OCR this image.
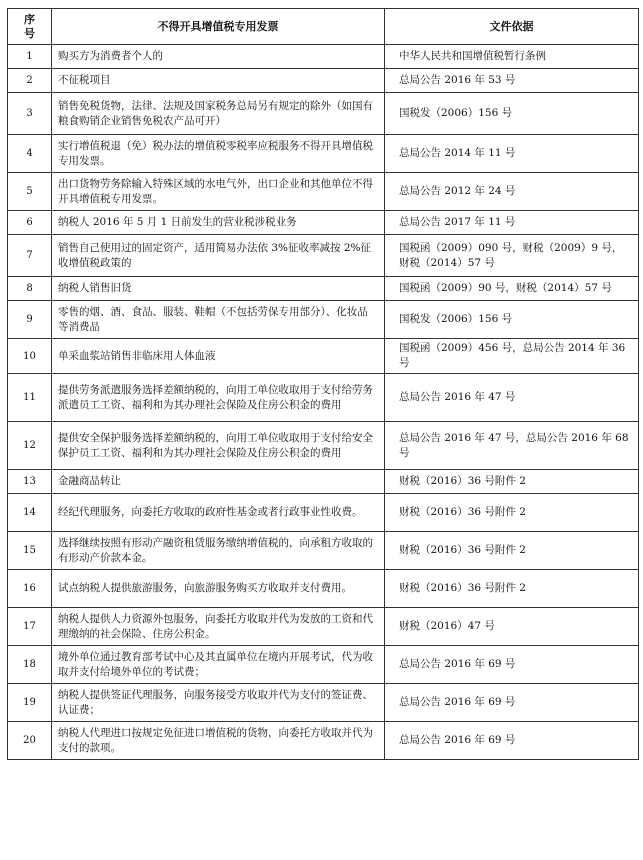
序
号	不得开具增值税专用发票	文件依据
1	购买方为消费者个人的	中华人民共和国增值税暂行条例
2	不征税项目	总局公告 2016 年 53 号
3	销售免税货物，法律、法规及国家税务总局另有规定的除外（如国有粮食购销企业销售免税农产品可开）	国税发（2006）156 号
4	实行增值税退（免）税办法的增值税零税率应税服务不得开具增值税专用发票。	总局公告 2014 年 11 号
5	出口货物劳务除输入特殊区域的水电气外，出口企业和其他单位不得开具增值税专用发票。	总局公告 2012 年 24 号
6	纳税人 2016 年 5 月 1 日前发生的营业税涉税业务	总局公告 2017 年 11 号
7	销售自己使用过的固定资产，适用简易办法依 3%征收率减按 2%征收增值税政策的	国税函（2009）090 号，财税（2009）9 号，财税（2014）57 号
8	纳税人销售旧货	国税函（2009）90 号，财税（2014）57 号
9	零售的烟、酒、食品、服装、鞋帽（不包括劳保专用部分）、化妆品等消费品	国税发（2006）156 号
10	单采血浆站销售非临床用人体血液	国税函（2009）456 号，总局公告 2014 年 36 号
11	提供劳务派遣服务选择差额纳税的，向用工单位收取用于支付给劳务派遣员工工资、福利和为其办理社会保险及住房公积金的费用	总局公告 2016 年 47 号
12	提供安全保护服务选择差额纳税的，向用工单位收取用于支付给安全保护员工工资、福利和为其办理社会保险及住房公积金的费用	总局公告 2016 年 47 号，总局公告 2016 年 68 号
13	金融商品转让	财税（2016）36 号附件 2
14	经纪代理服务，向委托方收取的政府性基金或者行政事业性收费。	财税（2016）36 号附件 2
15	选择继续按照有形动产融资租赁服务缴纳增值税的，向承租方收取的有形动产价款本金。	财税（2016）36 号附件 2
16	试点纳税人提供旅游服务，向旅游服务购买方收取并支付费用。	财税（2016）36 号附件 2
17	纳税人提供人力资源外包服务，向委托方收取并代为发放的工资和代理缴纳的社会保险、住房公积金。	财税（2016）47 号
18	境外单位通过教育部考试中心及其直属单位在境内开展考试，代为收取并支付给境外单位的考试费；	总局公告 2016 年 69 号
19	纳税人提供签证代理服务，向服务接受方收取并代为支付的签证费、认证费；	总局公告 2016 年 69 号
20	纳税人代理进口按规定免征进口增值税的货物，向委托方收取并代为支付的款项。	总局公告 2016 年 69 号
